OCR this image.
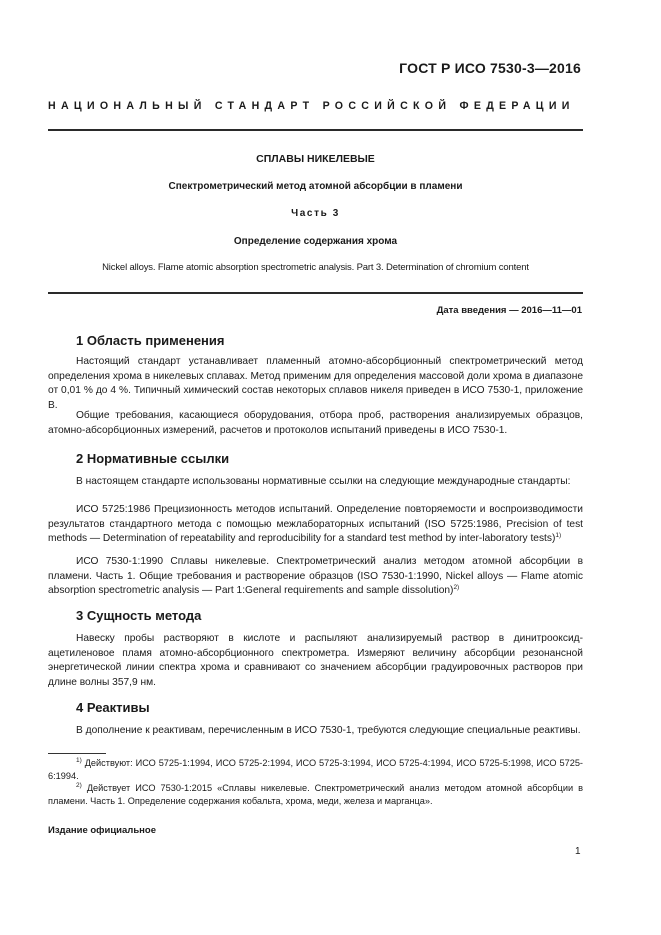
ГОСТ Р ИСО 7530-3—2016
НАЦИОНАЛЬНЫЙ СТАНДАРТ РОССИЙСКОЙ ФЕДЕРАЦИИ
СПЛАВЫ НИКЕЛЕВЫЕ
Спектрометрический метод атомной абсорбции в пламени
Часть 3
Определение содержания хрома
Nickel alloys. Flame atomic absorption spectrometric analysis. Part 3. Determination of chromium content
Дата введения — 2016—11—01
1 Область применения

Настоящий стандарт устанавливает пламенный атомно-абсорбционный спектрометрический метод определения хрома в никелевых сплавах. Метод применим для определения массовой доли хрома в диапазоне от 0,01 % до 4 %. Типичный химический состав некоторых сплавов никеля приведен в ИСО 7530-1, приложение В.

Общие требования, касающиеся оборудования, отбора проб, растворения анализируемых образцов, атомно-абсорбционных измерений, расчетов и протоколов испытаний приведены в ИСО 7530-1.

2 Нормативные ссылки

В настоящем стандарте использованы нормативные ссылки на следующие международные стандарты:

ИСО 5725:1986 Прецизионность методов испытаний. Определение повторяемости и воспроизводимости результатов стандартного метода с помощью межлабораторных испытаний (ISO 5725:1986, Precision of test methods — Determination of repeatability and reproducibility for a standard test method by inter-laboratory tests)$^{1)}$

ИСО 7530-1:1990 Сплавы никелевые. Спектрометрический анализ методом атомной абсорбции в пламени. Часть 1. Общие требования и растворение образцов (ISO 7530-1:1990, Nickel alloys — Flame atomic absorption spectrometric analysis — Part 1:General requirements and sample dissolution)$^{2)}$

3 Сущность метода

Навеску пробы растворяют в кислоте и распыляют анализируемый раствор в динитрооксид-ацетиленовое пламя атомно-абсорбционного спектрометра. Измеряют величину абсорбции резонансной энергетической линии спектра хрома и сравнивают со значением абсорбции градуировочных растворов при длине волны 357,9 нм.

4 Реактивы

В дополнение к реактивам, перечисленным в ИСО 7530-1, требуются следующие специальные реактивы.

$^{1)}$ Действуют: ИСО 5725-1:1994, ИСО 5725-2:1994, ИСО 5725-3:1994, ИСО 5725-4:1994, ИСО 5725-5:1998, ИСО 5725-6:1994.

$^{2)}$ Действует ИСО 7530-1:2015 «Сплавы никелевые. Спектрометрический анализ методом атомной абсорбции в пламени. Часть 1. Определение содержания кобальта, хрома, меди, железа и марганца».

Издание официальное
1
